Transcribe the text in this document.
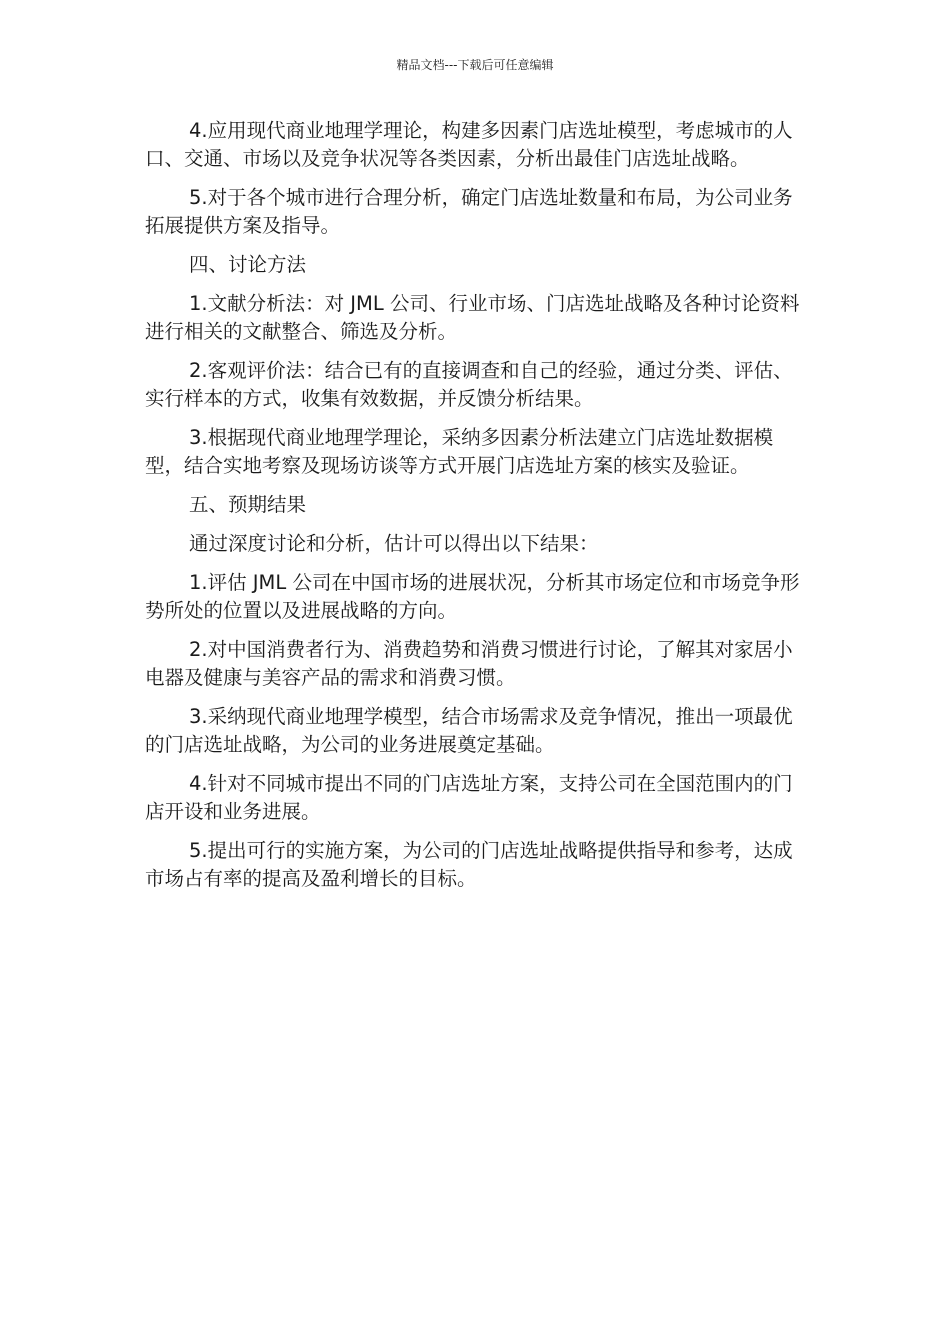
精品文档---下载后可任意编辑

4.应用现代商业地理学理论，构建多因素门店选址模型，考虑城市的人口、交通、市场以及竞争状况等各类因素，分析出最佳门店选址战略。

5.对于各个城市进行合理分析，确定门店选址数量和布局，为公司业务拓展提供方案及指导。

四、讨论方法

1.文献分析法：对 JML 公司、行业市场、门店选址战略及各种讨论资料进行相关的文献整合、筛选及分析。

2.客观评价法：结合已有的直接调查和自己的经验，通过分类、评估、实行样本的方式，收集有效数据，并反馈分析结果。

3.根据现代商业地理学理论，采纳多因素分析法建立门店选址数据模型，结合实地考察及现场访谈等方式开展门店选址方案的核实及验证。

五、预期结果

通过深度讨论和分析，估计可以得出以下结果：

1.评估 JML 公司在中国市场的进展状况，分析其市场定位和市场竞争形势所处的位置以及进展战略的方向。

2.对中国消费者行为、消费趋势和消费习惯进行讨论，了解其对家居小电器及健康与美容产品的需求和消费习惯。

3.采纳现代商业地理学模型，结合市场需求及竞争情况，推出一项最优的门店选址战略，为公司的业务进展奠定基础。

4.针对不同城市提出不同的门店选址方案，支持公司在全国范围内的门店开设和业务进展。

5.提出可行的实施方案，为公司的门店选址战略提供指导和参考，达成市场占有率的提高及盈利增长的目标。
